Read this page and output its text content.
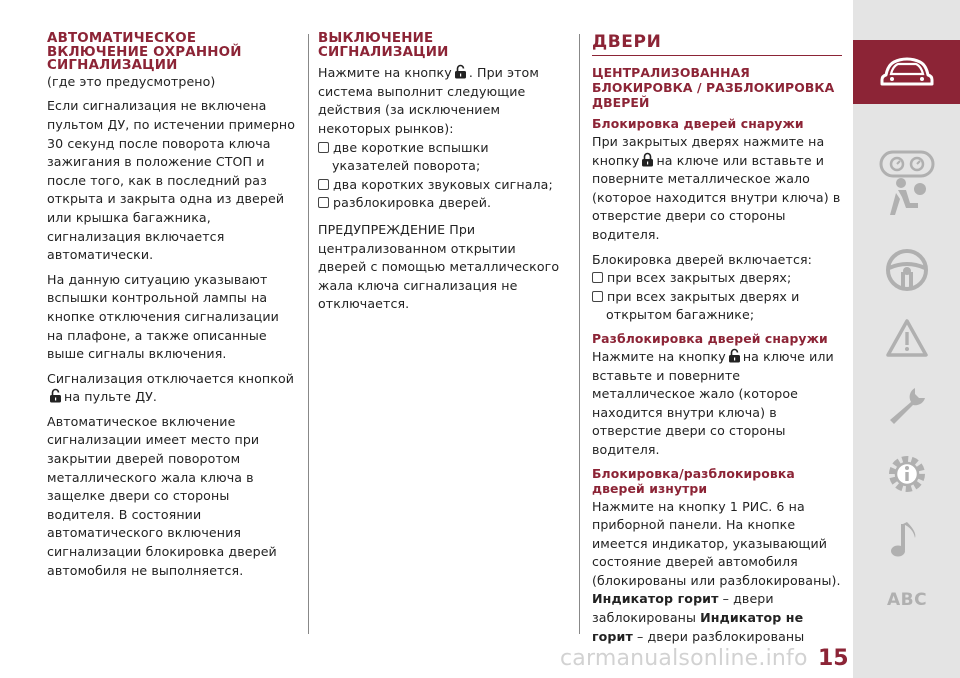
АВТОМАТИЧЕСКОЕ ВКЛЮЧЕНИЕ ОХРАННОЙ СИГНАЛИЗАЦИИ

(где это предусмотрено)

Если сигнализация не включена пультом ДУ, по истечении примерно 30 секунд после поворота ключа зажигания в положение СТОП и после того, как в последний раз открыта и закрыта одна из дверей или крышка багажника, сигнализация включается автоматически.

На данную ситуацию указывают вспышки контрольной лампы на кнопке отключения сигнализации на плафоне, а также описанные выше сигналы включения.

Сигнализация отключается кнопкой
на пульте ДУ.

Автоматическое включение сигнализации имеет место при закрытии дверей поворотом металлического жала ключа в защелке двери со стороны водителя. В состоянии автоматического включения сигнализации блокировка дверей автомобиля не выполняется.

ВЫКЛЮЧЕНИЕ СИГНАЛИЗАЦИИ

Нажмите на кнопку . При этом система выполнит следующие действия (за исключением некоторых рынков):

две короткие вспышки указателей поворота;
два коротких звуковых сигнала;
разблокировка дверей.

ПРЕДУПРЕЖДЕНИЕ При централизованном открытии дверей с помощью металлического жала ключа сигнализация не отключается.

ДВЕРИ
ЦЕНТРАЛИЗОВАННАЯ БЛОКИРОВКА / РАЗБЛОКИРОВКА ДВЕРЕЙ
Блокировка дверей снаружи

При закрытых дверях нажмите на кнопку на ключе или вставьте и поверните металлическое жало (которое находится внутри ключа) в отверстие двери со стороны водителя.

Блокировка дверей включается:

при всех закрытых дверях;
при всех закрытых дверях и открытом багажнике;
Разблокировка дверей снаружи

Нажмите на кнопку на ключе или вставьте и поверните металлическое жало (которое находится внутри ключа) в отверстие двери со стороны водителя.

Блокировка/разблокировка дверей изнутри

Нажмите на кнопку 1 РИС. 6 на приборной панели. На кнопке имеется индикатор, указывающий состояние дверей автомобиля (блокированы или разблокированы). Индикатор горит – двери заблокированы Индикатор не горит – двери разблокированы

ABC
carmanualsonline.info 15
